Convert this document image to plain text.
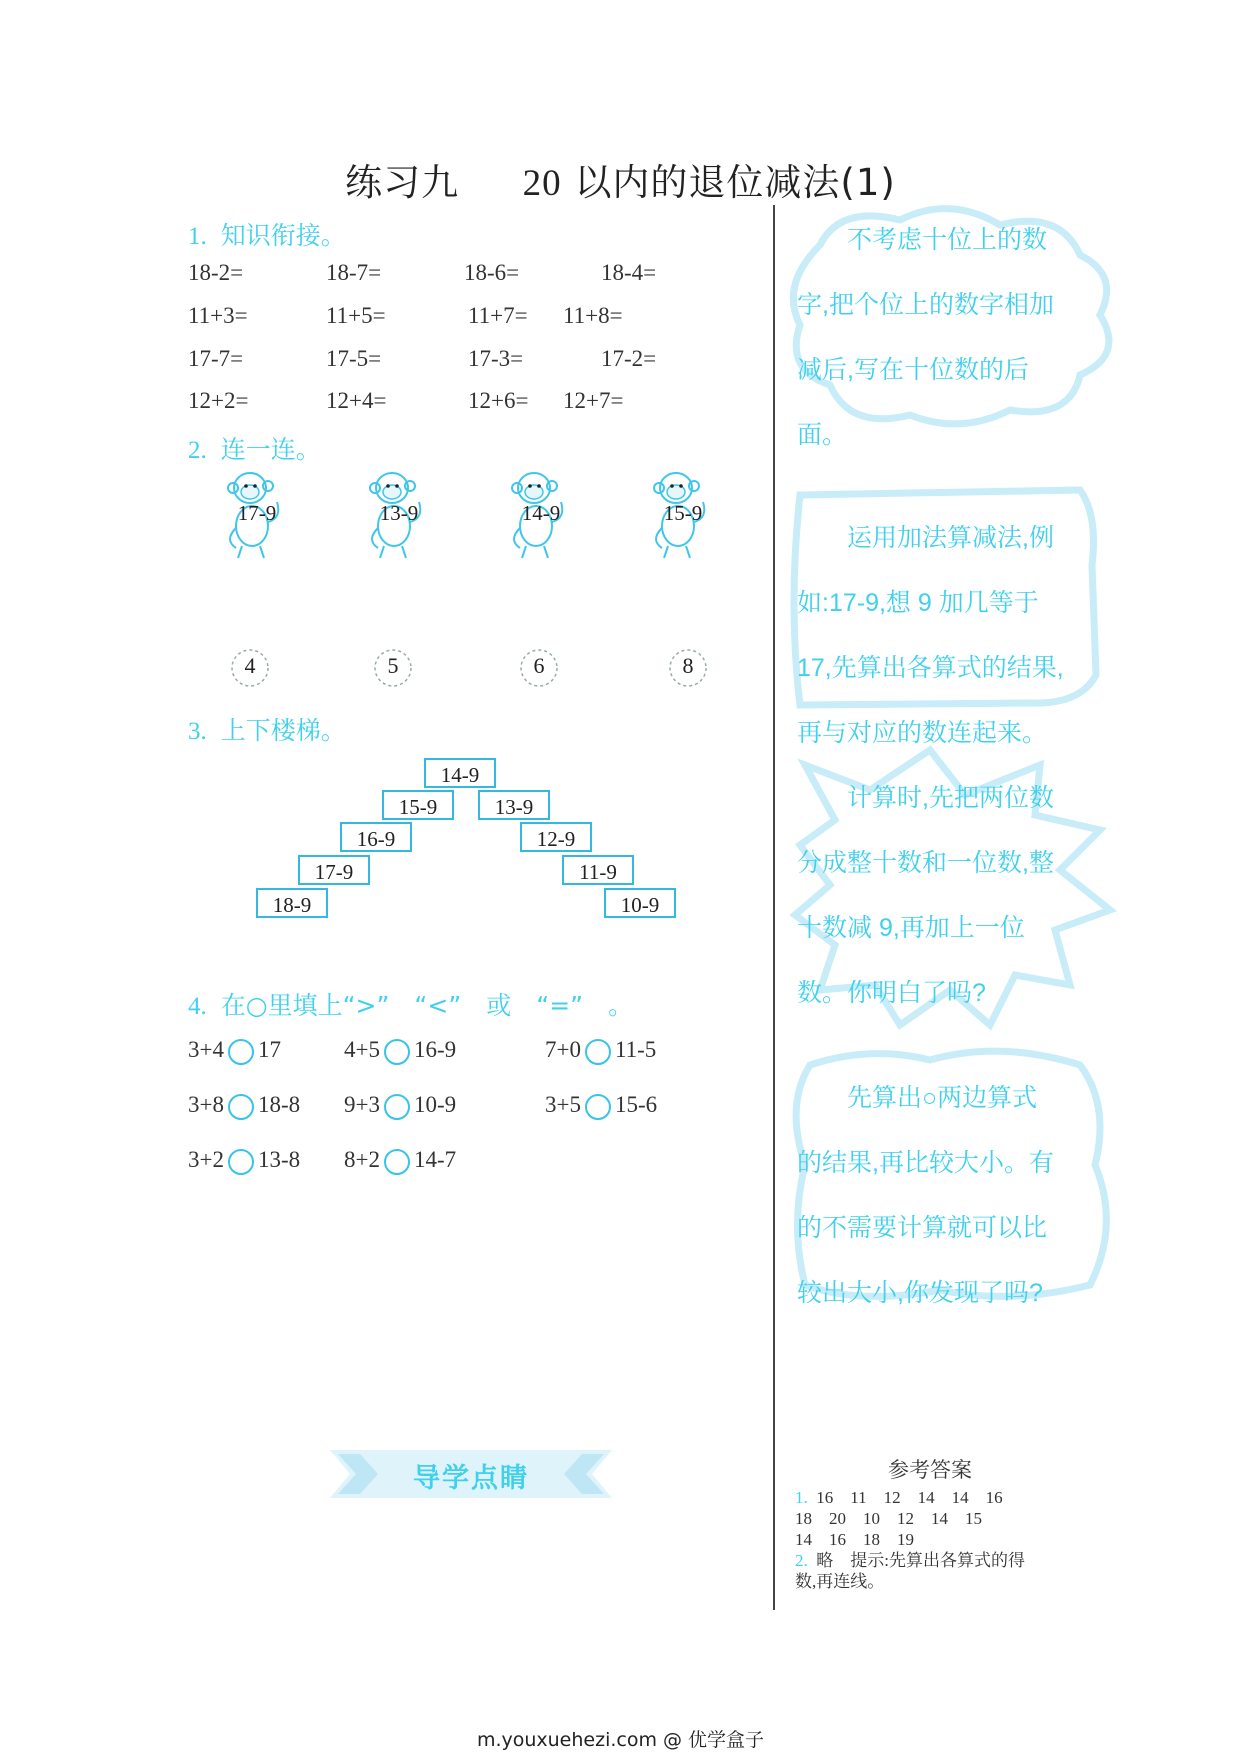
练习九 20 以内的退位减法(1)
1. 知识衔接。
18-2=	18-7=	18-6=	18-4=
11+3=	11+5=	11+7= 11+8=
17-7=	17-5=	17-3=	17-2=
12+2=	12+4=	12+6= 12+7=
2. 连一连。
17-9	13-9	14-9	15-9
4	5	6	8
3. 上下楼梯。
14-9
15-9
16-9
17-9
18-9
13-9
12-9
11-9
10-9
4. 在○里填上“>”　“<”　或　“=”　。
3+4 17	4+5 16-9	7+0 11-5
3+8 18-8 9+3 10-9	3+5 15-6
3+2 13-8 8+2 14-7
不考虑十位上的数
字,把个位上的数字相加
减后,写在十位数的后
面。
运用加法算减法,例
如:17-9,想 9 加几等于
17,先算出各算式的结果,
再与对应的数连起来。
计算时,先把两位数
分成整十数和一位数,整
十数减 9,再加上一位
数。你明白了吗?
先算出○两边算式
的结果,再比较大小。有
的不需要计算就可以比
较出大小,你发现了吗?
导学点睛	参考答案
1. 16　11　12　14　14　16
18　20　10　12　14　15
14　16　18　19
2. 略　提示:先算出各算式的得
数,再连线。
m.youxuehezi.com @ 优学盒子
